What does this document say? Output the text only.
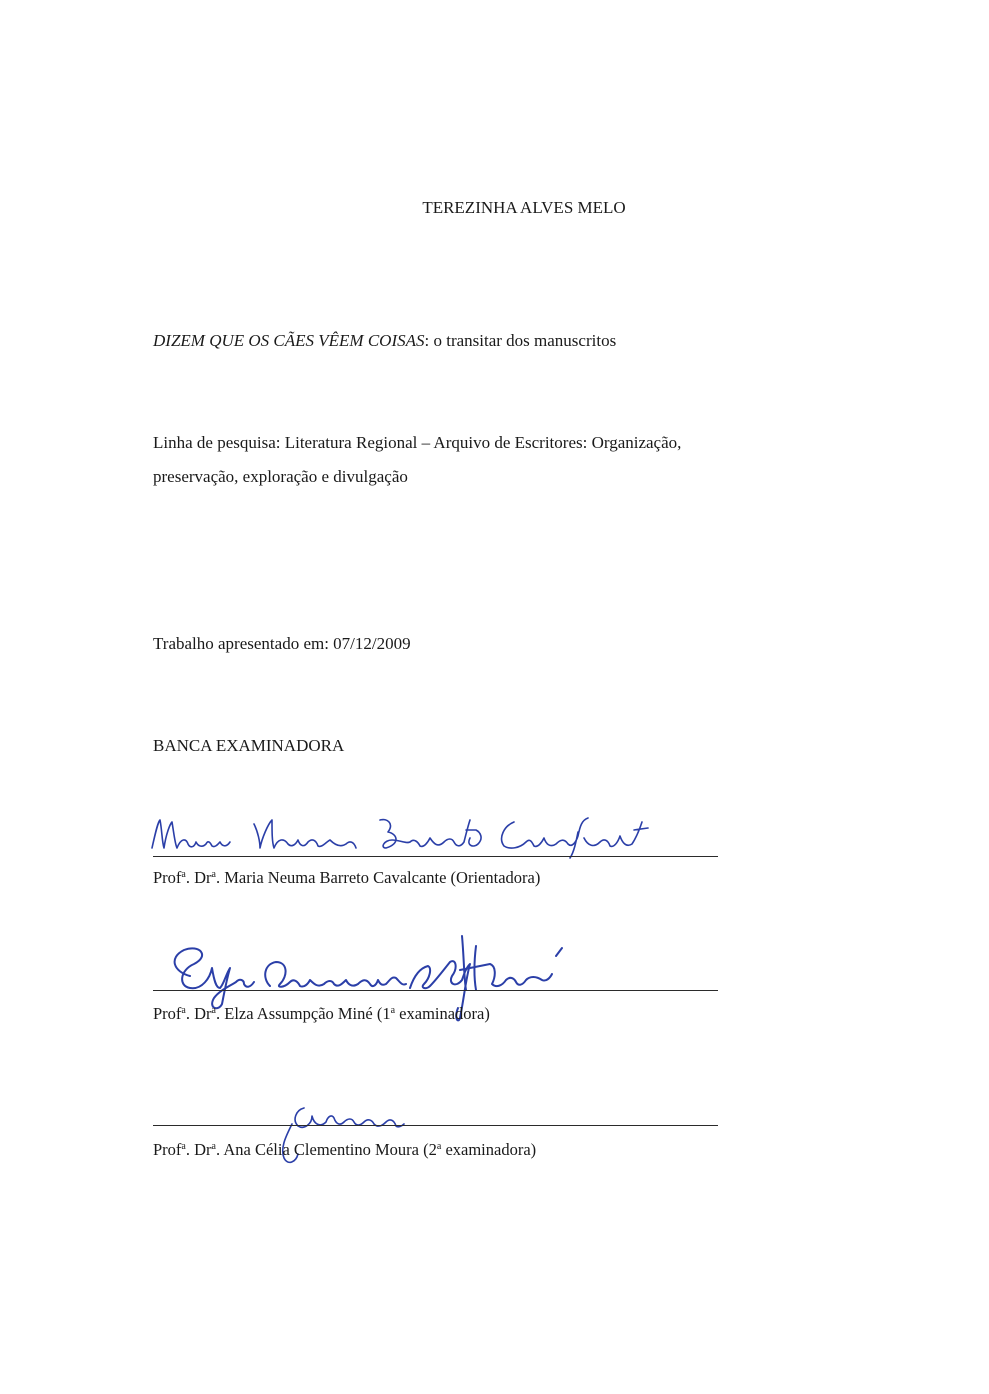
TEREZINHA ALVES MELO
DIZEM QUE OS CÃES VÊEM COISAS: o transitar dos manuscritos
Linha de pesquisa: Literatura Regional – Arquivo de Escritores: Organização,
preservação, exploração e divulgação
Trabalho apresentado em: 07/12/2009
BANCA EXAMINADORA
Prof$^a$. Dr$^a$. Maria Neuma Barreto Cavalcante (Orientadora)
Prof$^a$. Dr$^a$. Elza Assumpção Miné (1$^a$ examinadora)
Prof$^a$. Dr$^a$. Ana Célia Clementino Moura (2$^a$ examinadora)
